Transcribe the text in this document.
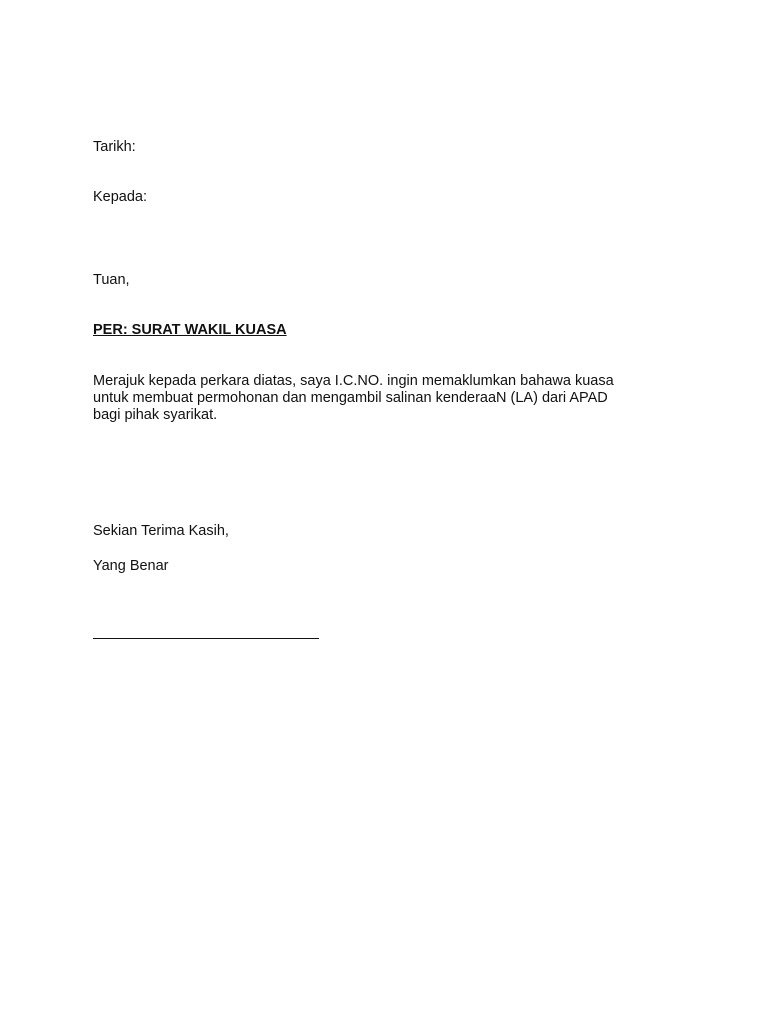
Tarikh:

Kepada:

Tuan,

PER: SURAT WAKIL KUASA

Merajuk kepada perkara diatas, saya I.C.NO. ingin memaklumkan bahawa kuasa
untuk membuat permohonan dan mengambil salinan kenderaaN (LA) dari APAD
bagi pihak syarikat.

Sekian Terima Kasih,

Yang Benar
